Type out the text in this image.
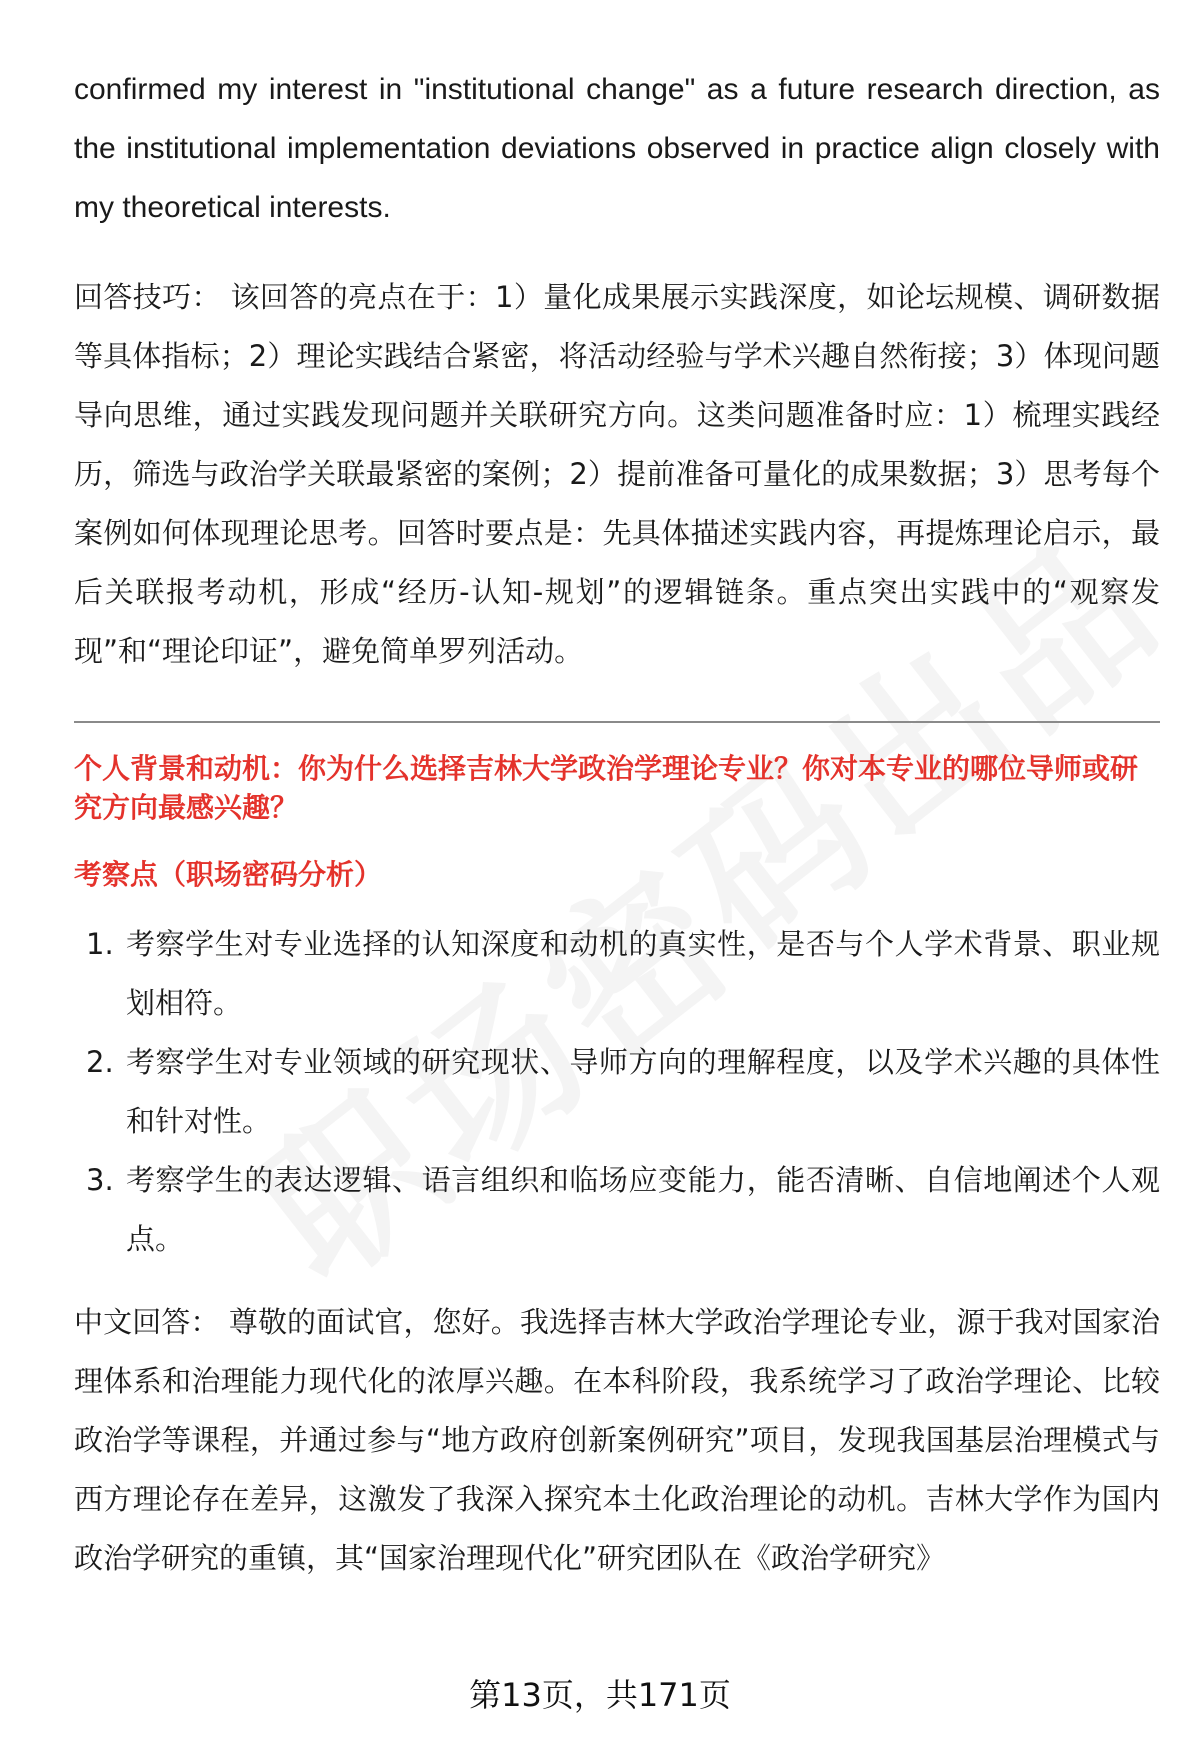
confirmed my interest in "institutional change" as a future research direction, as the institutional implementation deviations observed in practice align closely with my theoretical interests.

回答技巧： 该回答的亮点在于：1）量化成果展示实践深度，如论坛规模、调研数据等具体指标；2）理论实践结合紧密，将活动经验与学术兴趣自然衔接；3）体现问题导向思维，通过实践发现问题并关联研究方向。这类问题准备时应：1）梳理实践经历，筛选与政治学关联最紧密的案例；2）提前准备可量化的成果数据；3）思考每个案例如何体现理论思考。回答时要点是：先具体描述实践内容，再提炼理论启示，最后关联报考动机，形成“经历-认知-规划”的逻辑链条。重点突出实践中的“观察发现”和“理论印证”，避免简单罗列活动。

个人背景和动机：你为什么选择吉林大学政治学理论专业？你对本专业的哪位导师或研究方向最感兴趣？
考察点（职场密码分析）
1. 考察学生对专业选择的认知深度和动机的真实性，是否与个人学术背景、职业规划相符。
2. 考察学生对专业领域的研究现状、导师方向的理解程度，以及学术兴趣的具体性和针对性。
3. 考察学生的表达逻辑、语言组织和临场应变能力，能否清晰、自信地阐述个人观点。

中文回答： 尊敬的面试官，您好。我选择吉林大学政治学理论专业，源于我对国家治理体系和治理能力现代化的浓厚兴趣。在本科阶段，我系统学习了政治学理论、比较政治学等课程，并通过参与“地方政府创新案例研究”项目，发现我国基层治理模式与西方理论存在差异，这激发了我深入探究本土化政治理论的动机。吉林大学作为国内政治学研究的重镇，其“国家治理现代化”研究团队在《政治学研究》

第13页，共171页
